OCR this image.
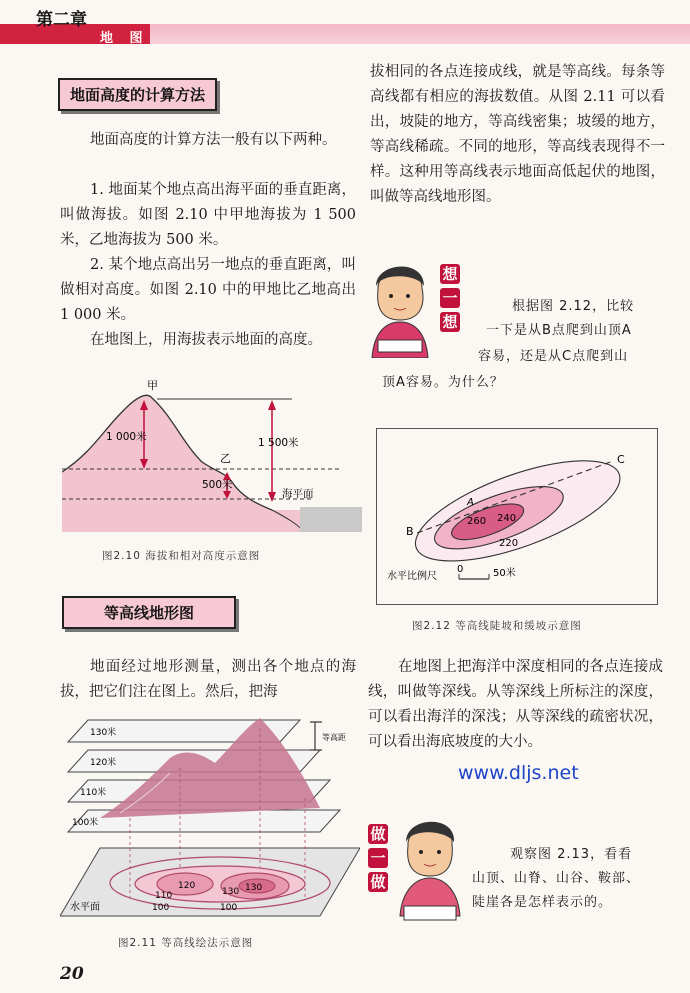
第二章
地 图
地面高度的计算方法
地面高度的计算方法一般有以下两种。
1. 地面某个地点高出海平面的垂直距离，叫做海拔。如图 2.10 中甲地海拔为 1 500 米，乙地海拔为 500 米。
2. 某个地点高出另一地点的垂直距离，叫做相对高度。如图 2.10 中的甲地比乙地高出 1 000 米。
在地图上，用海拔表示地面的高度。
甲
乙
1 000米	1 500米
500米
海平面
图2.10 海拔和相对高度示意图
等高线地形图
地面经过地形测量，测出各个地点的海拔，把它们注在图上。然后，把海
130米
120米
110米
100米
等高距
水平面
110
120
100
130 130
100
图2.11 等高线绘法示意图
20
拔相同的各点连接成线，就是等高线。每条等高线都有相应的海拔数值。从图 2.11 可以看出，坡陡的地方，等高线密集；坡缓的地方，等高线稀疏。不同的地形，等高线表现得不一样。这种用等高线表示地面高低起伏的地图，叫做等高线地形图。
想
一
想
根据图 2.12，比较
一下是从B点爬到山顶A
容易，还是从C点爬到山
顶A容易。为什么？
B
C
A
260 240
220
水平比例尺
0	50米
图2.12 等高线陡坡和缓坡示意图
在地图上把海洋中深度相同的各点连接成线，叫做等深线。从等深线上所标注的深度，可以看出海洋的深浅；从等深线的疏密状况，可以看出海底坡度的大小。
www.dljs.net
做
一
做
观察图 2.13，看看
山顶、山脊、山谷、鞍部、
陡崖各是怎样表示的。
